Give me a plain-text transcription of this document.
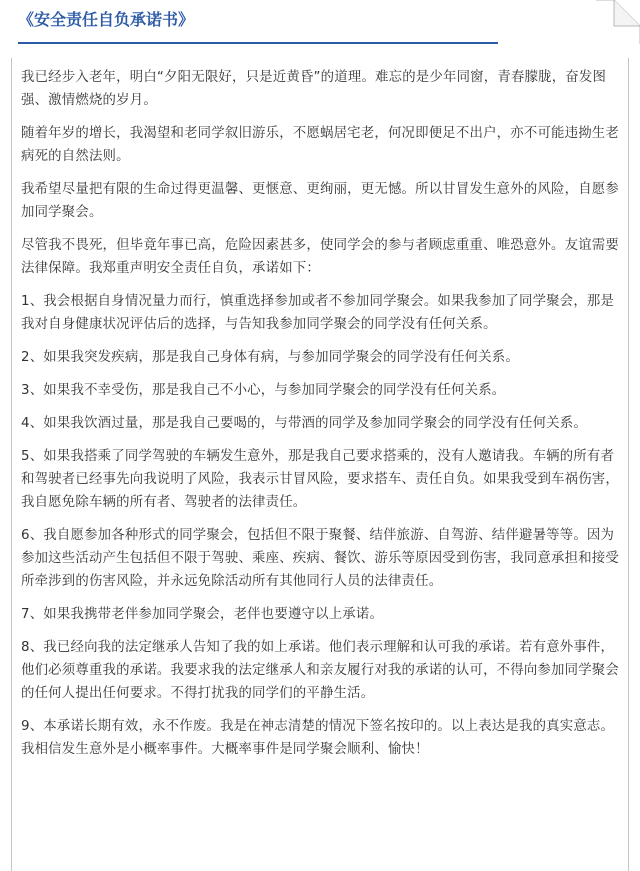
《安全责任自负承诺书》

我已经步入老年，明白“夕阳无限好，只是近黄昏”的道理。难忘的是少年同窗，青春朦胧，奋发图强、激情燃烧的岁月。

随着年岁的增长，我渴望和老同学叙旧游乐，不愿蜗居宅老，何况即便足不出户，亦不可能违拗生老病死的自然法则。

我希望尽量把有限的生命过得更温馨、更惬意、更绚丽，更无憾。所以甘冒发生意外的风险，自愿参加同学聚会。

尽管我不畏死，但毕竟年事已高，危险因素甚多，使同学会的参与者顾虑重重、唯恐意外。友谊需要法律保障。我郑重声明安全责任自负，承诺如下：

1、我会根据自身情况量力而行，慎重选择参加或者不参加同学聚会。如果我参加了同学聚会，那是我对自身健康状况评估后的选择，与告知我参加同学聚会的同学没有任何关系。

2、如果我突发疾病，那是我自己身体有病，与参加同学聚会的同学没有任何关系。

3、如果我不幸受伤，那是我自己不小心，与参加同学聚会的同学没有任何关系。

4、如果我饮酒过量，那是我自己要喝的，与带酒的同学及参加同学聚会的同学没有任何关系。

5、如果我搭乘了同学驾驶的车辆发生意外，那是我自己要求搭乘的，没有人邀请我。车辆的所有者和驾驶者已经事先向我说明了风险，我表示甘冒风险，要求搭车、责任自负。如果我受到车祸伤害，我自愿免除车辆的所有者、驾驶者的法律责任。

6、我自愿参加各种形式的同学聚会，包括但不限于聚餐、结伴旅游、自驾游、结伴避暑等等。因为参加这些活动产生包括但不限于驾驶、乘座、疾病、餐饮、游乐等原因受到伤害，我同意承担和接受所牵涉到的伤害风险，并永远免除活动所有其他同行人员的法律责任。

7、如果我携带老伴参加同学聚会，老伴也要遵守以上承诺。

8、我已经向我的法定继承人告知了我的如上承诺。他们表示理解和认可我的承诺。若有意外事件，他们必须尊重我的承诺。我要求我的法定继承人和亲友履行对我的承诺的认可，不得向参加同学聚会的任何人提出任何要求。不得打扰我的同学们的平静生活。

9、本承诺长期有效，永不作废。我是在神志清楚的情况下签名按印的。以上表达是我的真实意志。我相信发生意外是小概率事件。大概率事件是同学聚会顺利、愉快！
